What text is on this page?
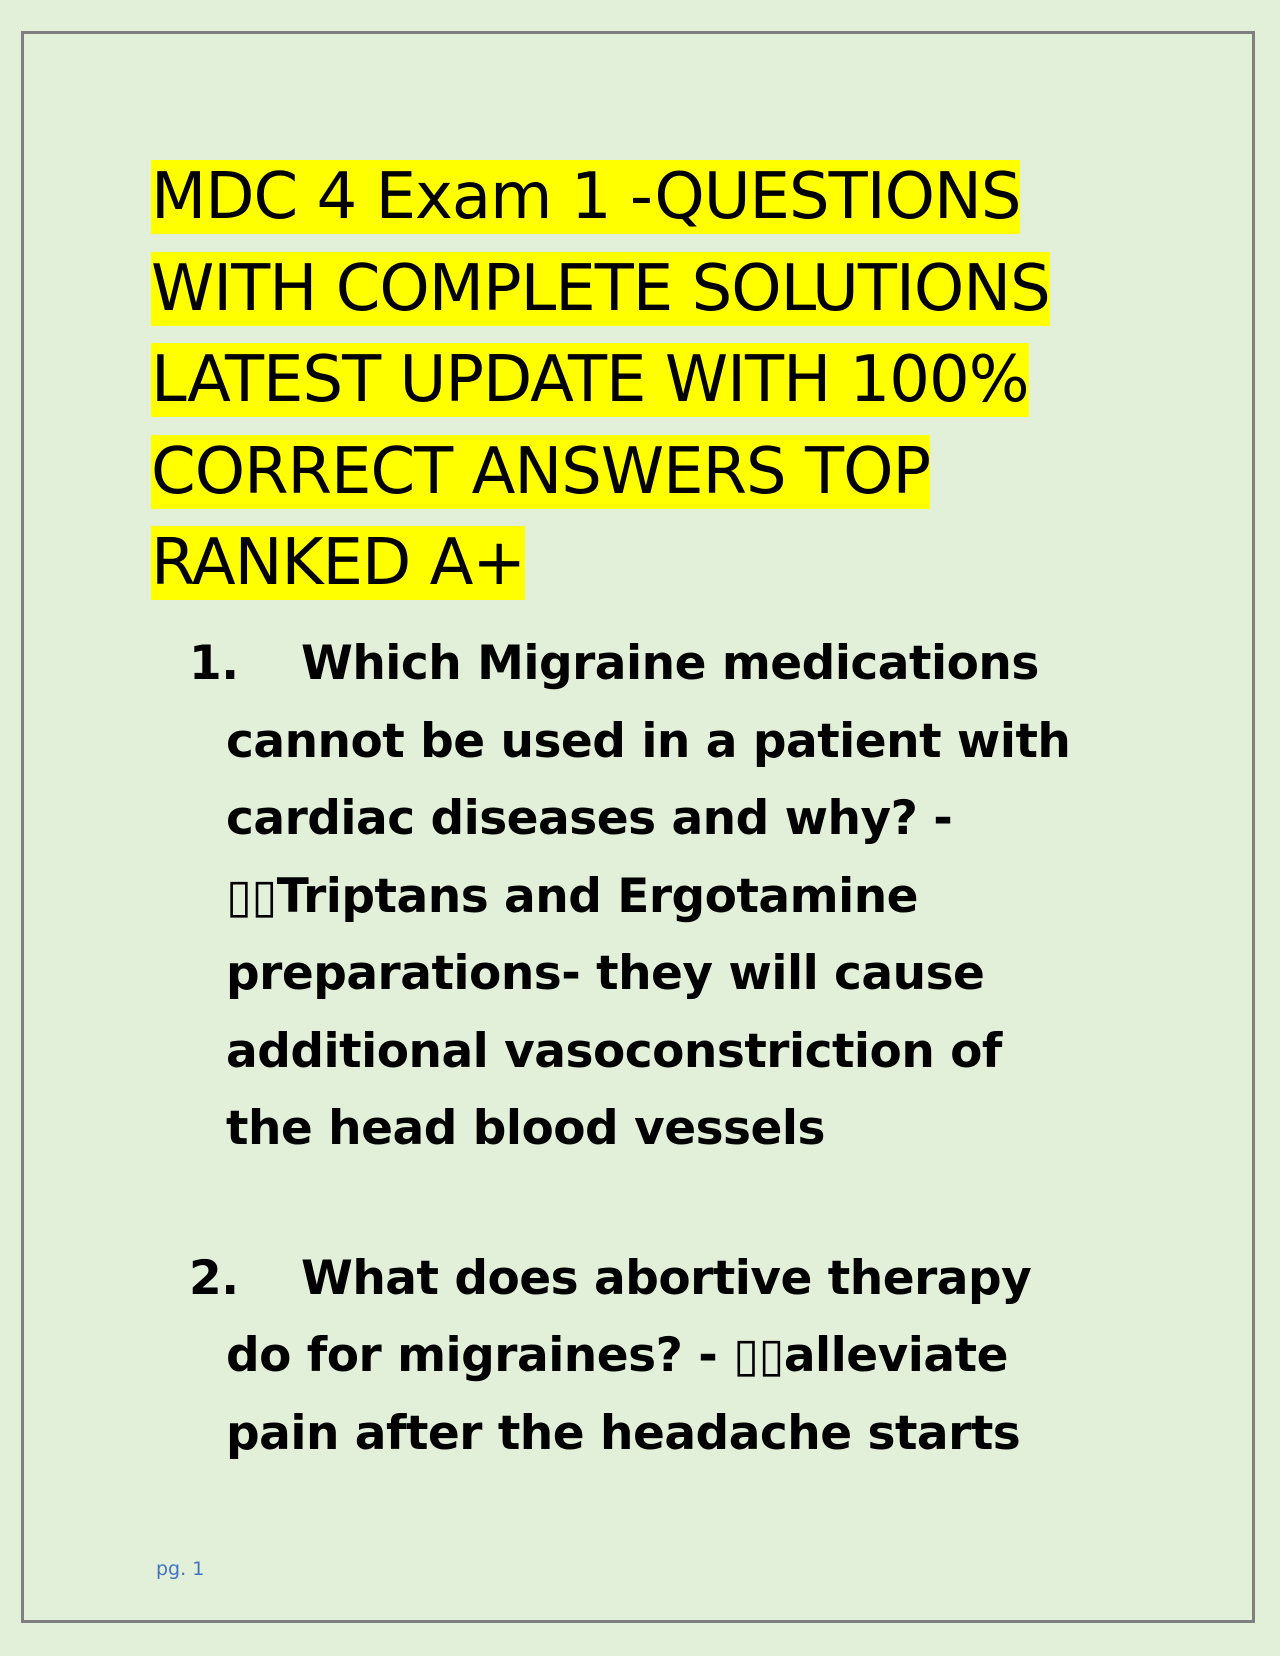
MDC 4 Exam 1 -QUESTIONS WITH COMPLETE SOLUTIONS LATEST UPDATE WITH 100% CORRECT ANSWERS TOP RANKED A+
1. Which Migraine medications cannot be used in a patient with cardiac diseases and why? - ▯▯Triptans and Ergotamine preparations- they will cause additional vasoconstriction of the head blood vessels
2. What does abortive therapy do for migraines? - ▯▯alleviate pain after the headache starts
pg. 1
